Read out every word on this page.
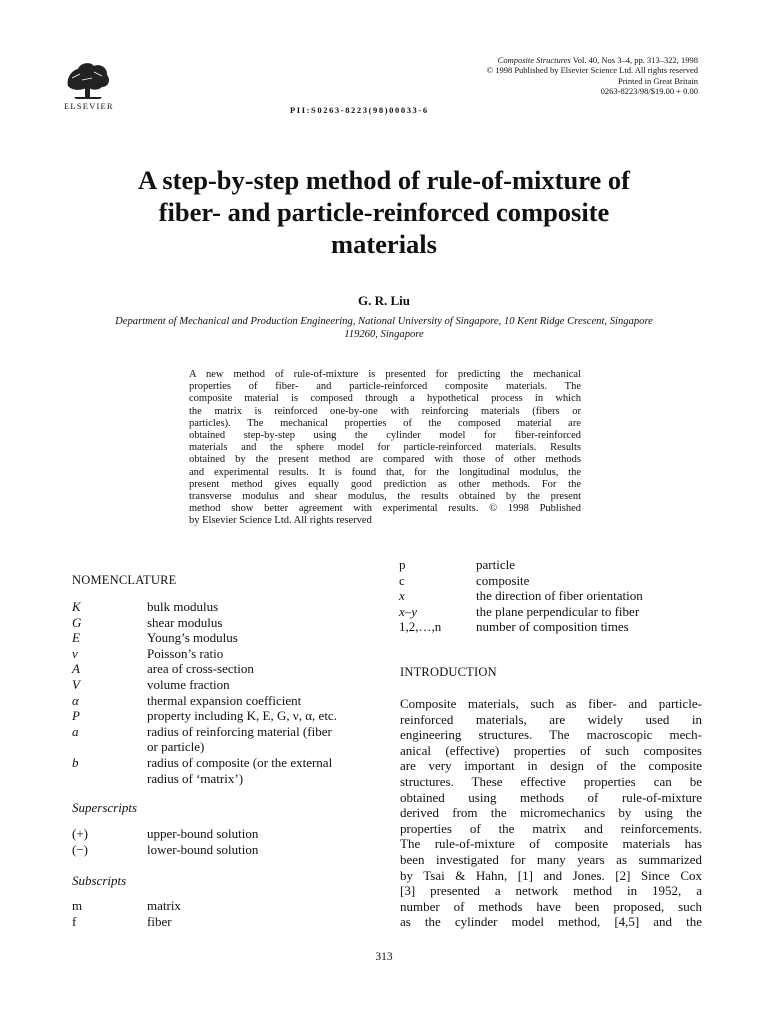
ELSEVIER
Composite Structures Vol. 40, Nos 3–4, pp. 313–322, 1998
© 1998 Published by Elsevier Science Ltd. All rights reserved
Printed in Great Britain
0263-8223/98/$19.00 + 0.00
PII:S0263-8223(98)00033-6
A step-by-step method of rule-of-mixture of
fiber- and particle-reinforced composite
materials
G. R. Liu
Department of Mechanical and Production Engineering, National University of Singapore, 10 Kent Ridge Crescent, Singapore
119260, Singapore
A new method of rule-of-mixture is presented for predicting the mechanical
properties of fiber- and particle-reinforced composite materials. The
composite material is composed through a hypothetical process in which
the matrix is reinforced one-by-one with reinforcing materials (fibers or
particles). The mechanical properties of the composed material are
obtained step-by-step using the cylinder model for fiber-reinforced
materials and the sphere model for particle-reinforced materials. Results
obtained by the present method are compared with those of other methods
and experimental results. It is found that, for the longitudinal modulus, the
present method gives equally good prediction as other methods. For the
transverse modulus and shear modulus, the results obtained by the present
method show better agreement with experimental results. © 1998 Published
by Elsevier Science Ltd. All rights reserved
NOMENCLATURE
K	bulk modulus
G	shear modulus
E	Young’s modulus
ν	Poisson’s ratio
A	area of cross-section
V	volume fraction
α	thermal expansion coefficient
P	property including K, E, G, ν, α, etc.
a	radius of reinforcing material (fiber
or particle)
b	radius of composite (or the external
radius of ‘matrix’)
Superscripts
(+)	upper-bound solution
(−)	lower-bound solution
Subscripts
m	matrix
f	fiber
p	particle
c	composite
x	the direction of fiber orientation
x–y	the plane perpendicular to fiber
1,2,…,n	number of composition times
INTRODUCTION
Composite materials, such as fiber- and particle-
reinforced materials, are widely used in
engineering structures. The macroscopic mech-
anical (effective) properties of such composites
are very important in design of the composite
structures. These effective properties can be
obtained using methods of rule-of-mixture
derived from the micromechanics by using the
properties of the matrix and reinforcements.
The rule-of-mixture of composite materials has
been investigated for many years as summarized
by Tsai & Hahn, [1] and Jones. [2] Since Cox
[3] presented a network method in 1952, a
number of methods have been proposed, such
as the cylinder model method, [4,5] and the
313
